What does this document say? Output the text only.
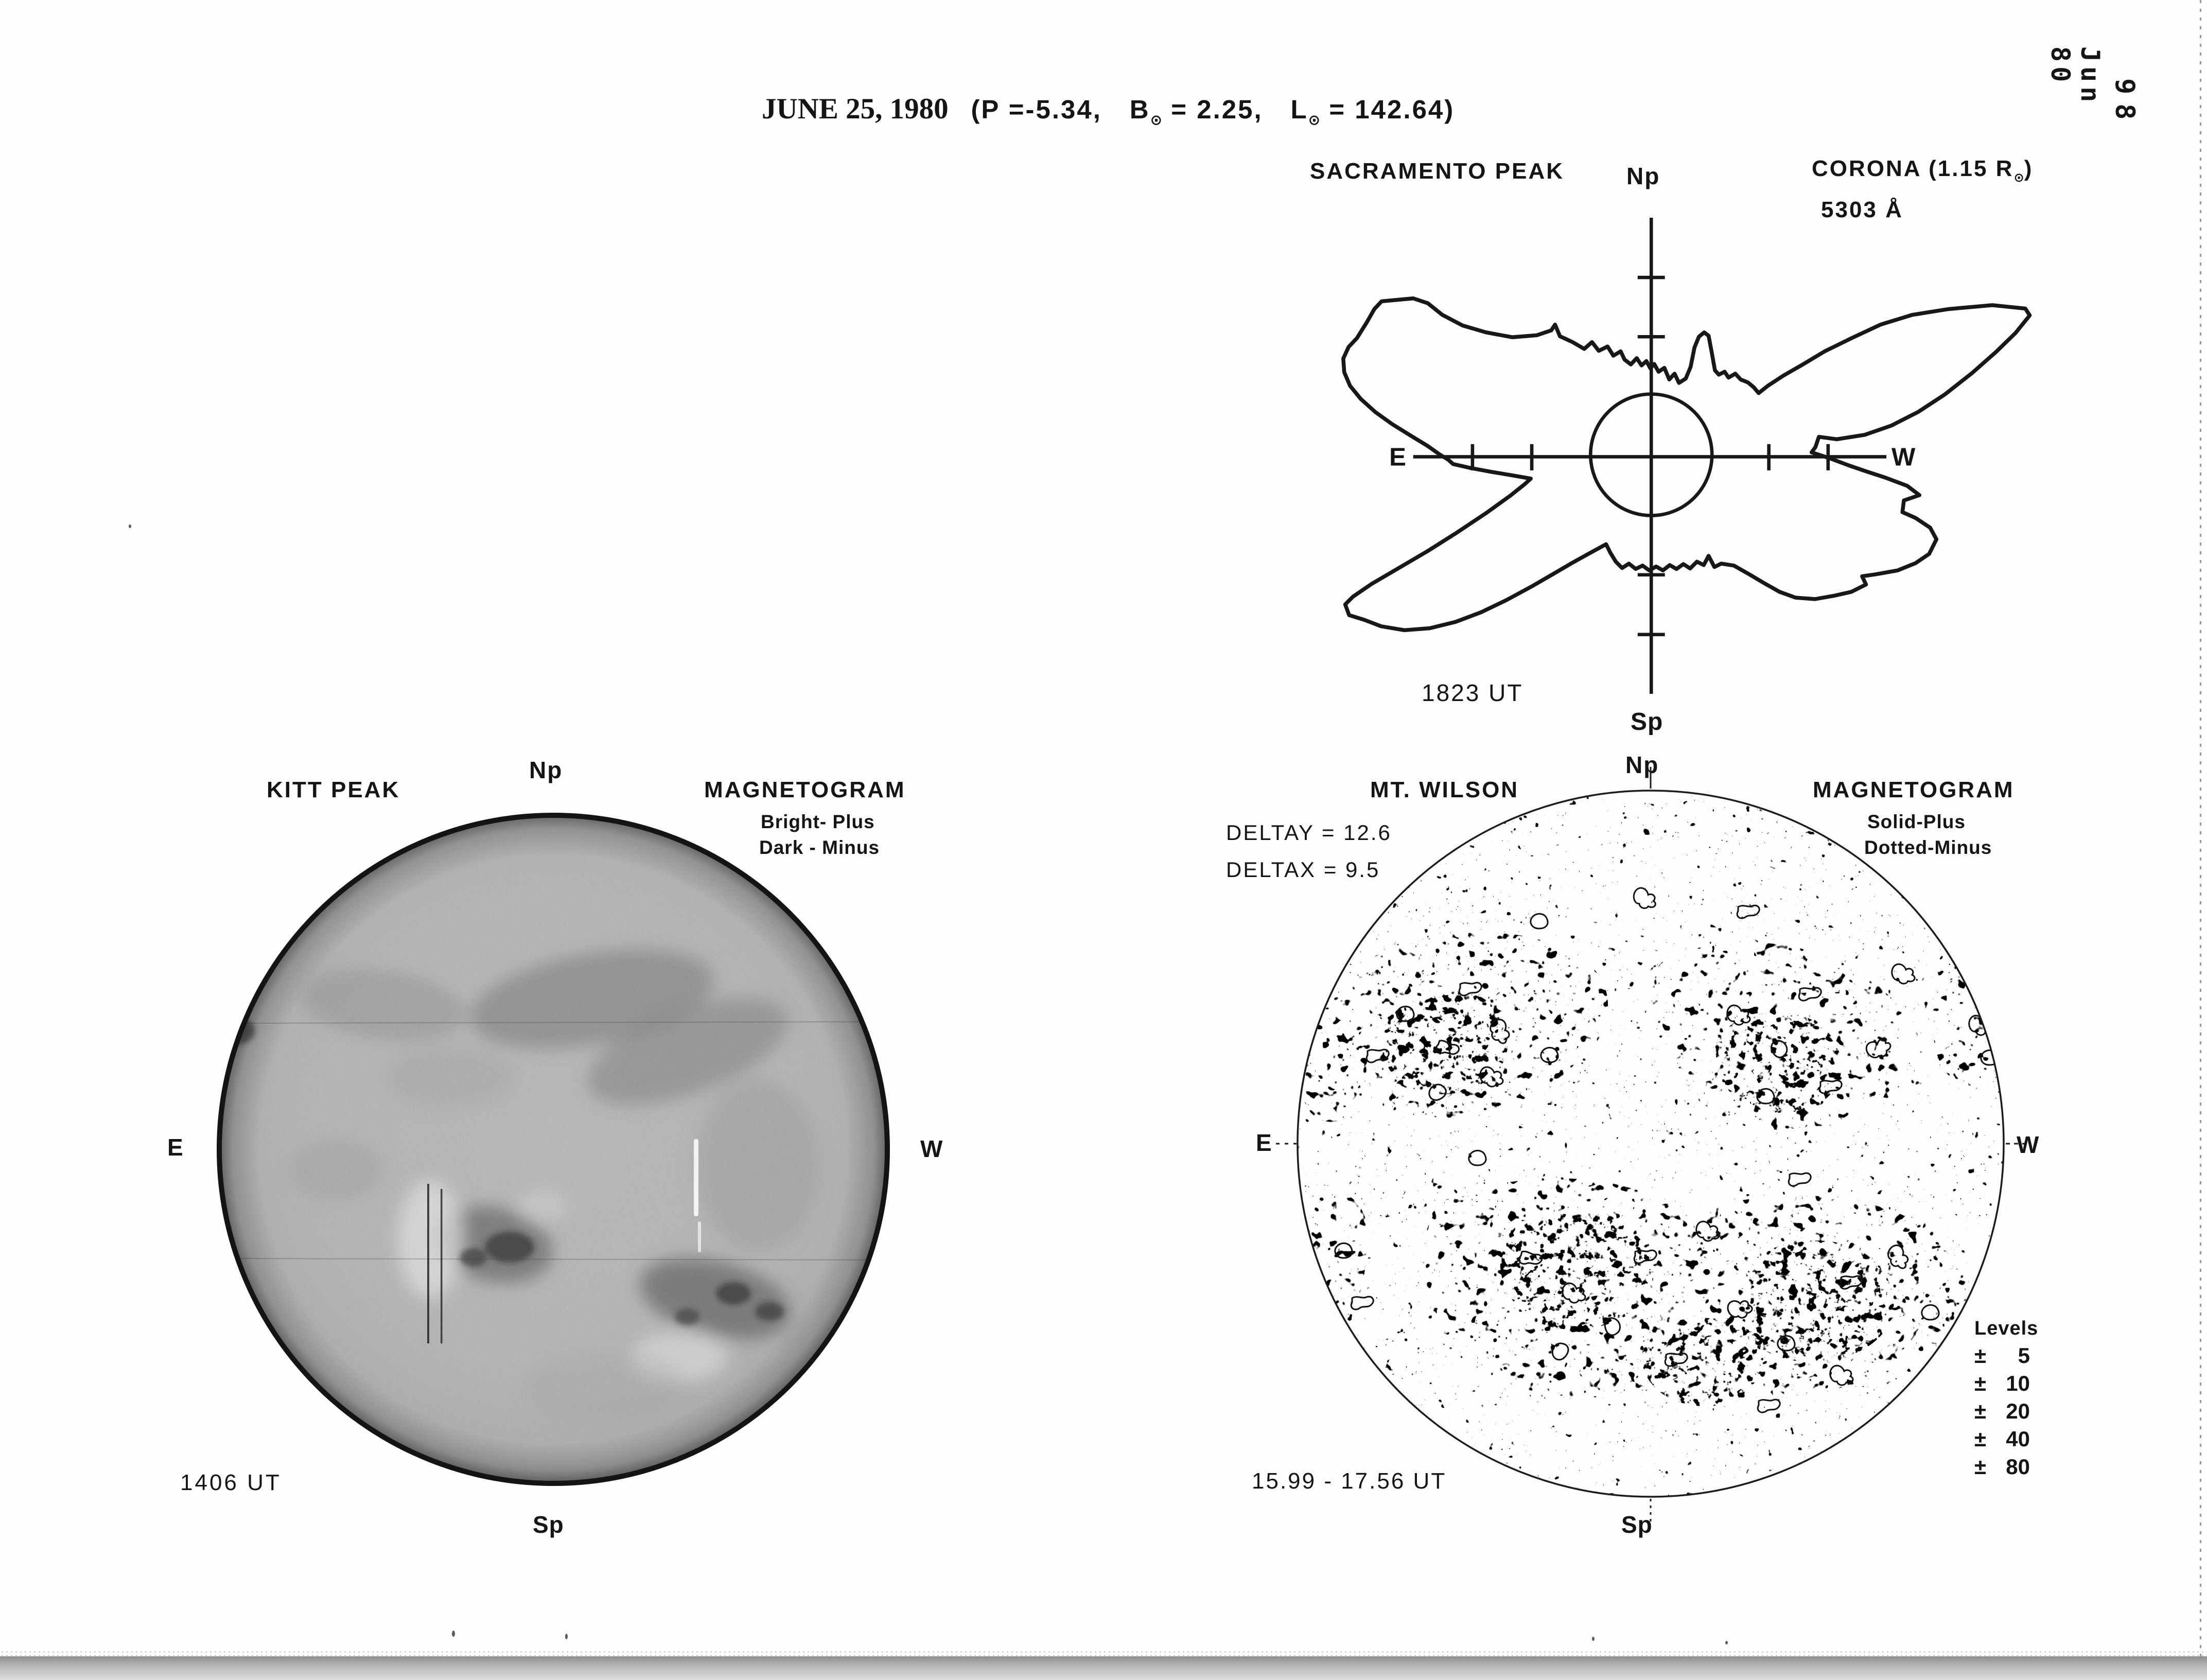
JUNE 25, 1980 (P =-5.34, $B_⊙ = 2.25$, $L_⊙ = 142.64$)
Jun 80
98
SACRAMENTO PEAK	Np	CORONA (1.15 $R_⊙$)
5303 Å
E	W
1823 UT
Sp
KITT PEAK
Np
MAGNETOGRAM
Bright- Plus
Dark - Minus
E	W
1406 UT
Sp
MT. WILSON
Np
MAGNETOGRAM
Solid-Plus
Dotted-Minus
DELTAY = 12.6
DELTAX = 9.5
E	W
Levels
± 5
± 10
± 20
± 40
± 80
15.99 - 17.56 UT
Sp
